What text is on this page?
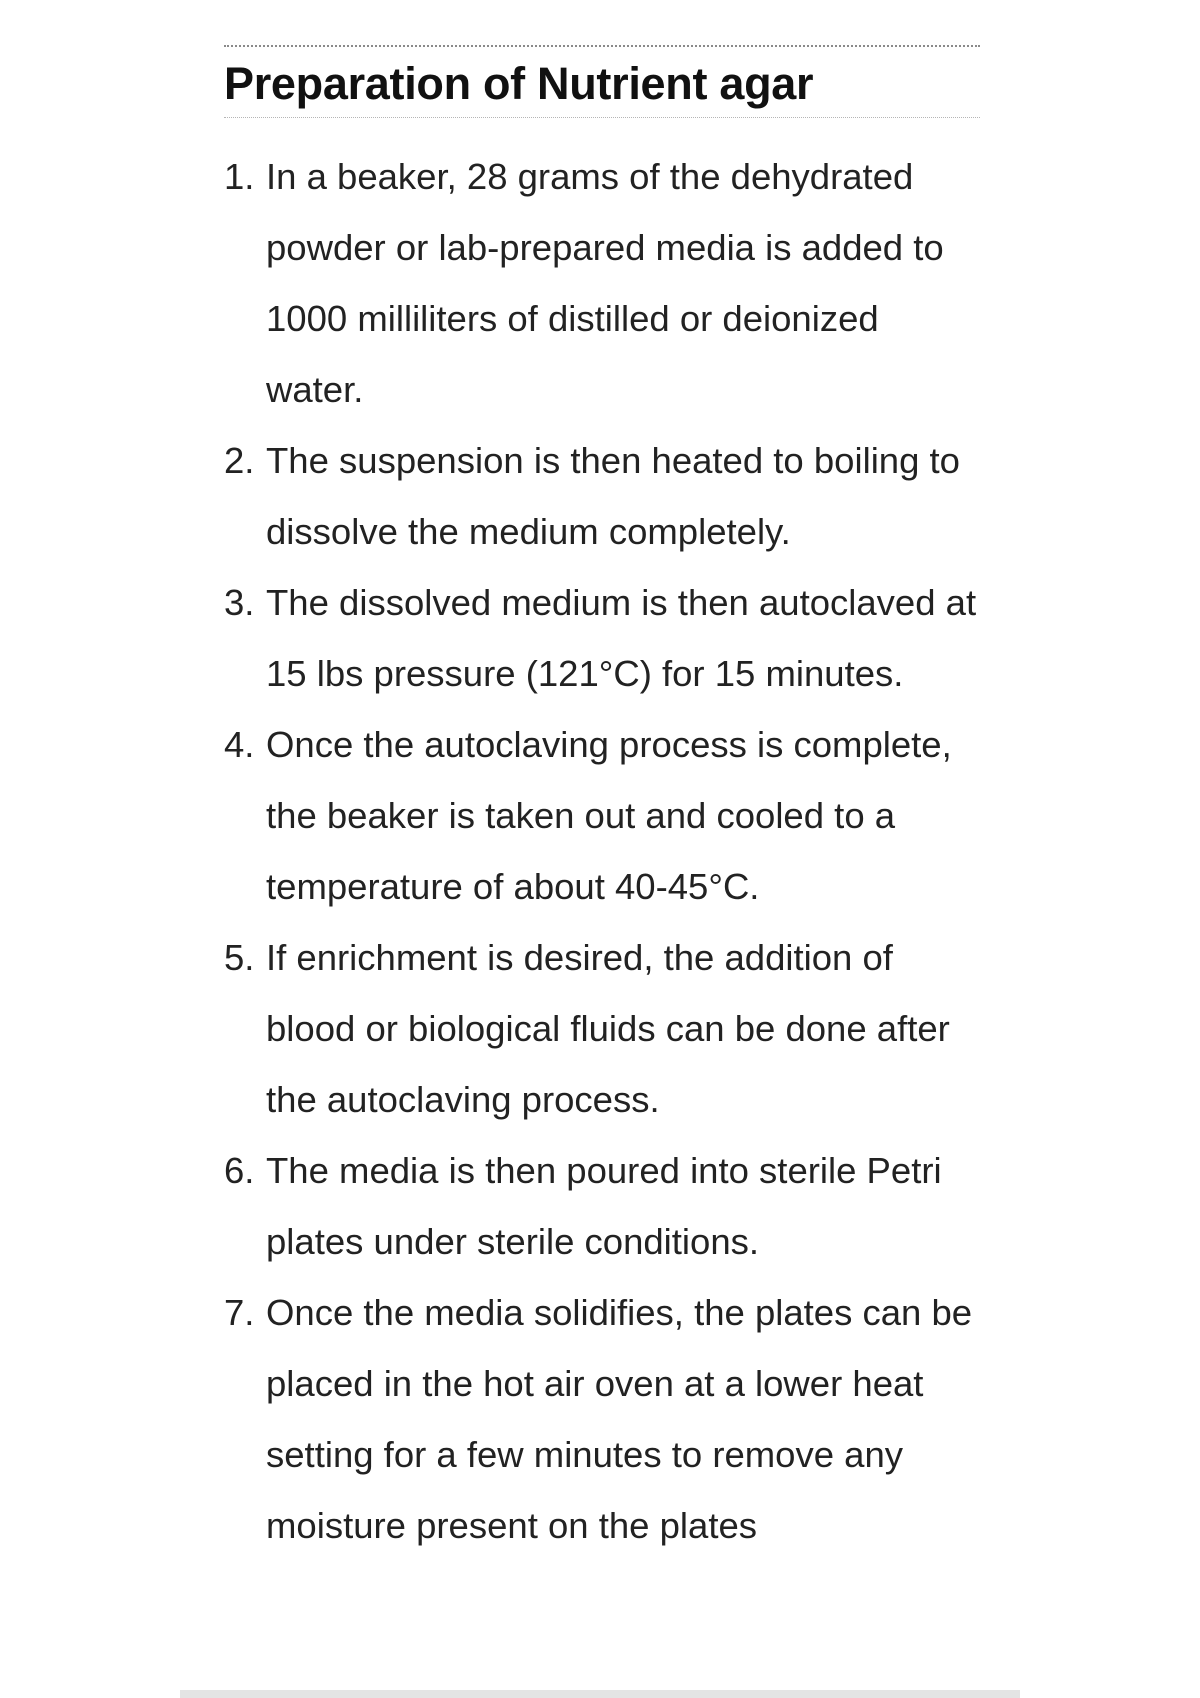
Preparation of Nutrient agar
1. In a beaker, 28 grams of the dehydrated powder or lab-prepared media is added to 1000 milliliters of distilled or deionized water.
2. The suspension is then heated to boiling to dissolve the medium completely.
3. The dissolved medium is then autoclaved at 15 lbs pressure (121°C) for 15 minutes.
4. Once the autoclaving process is complete, the beaker is taken out and cooled to a temperature of about 40-45°C.
5. If enrichment is desired, the addition of blood or biological fluids can be done after the autoclaving process.
6. The media is then poured into sterile Petri plates under sterile conditions.
7. Once the media solidifies, the plates can be placed in the hot air oven at a lower heat setting for a few minutes to remove any moisture present on the plates
